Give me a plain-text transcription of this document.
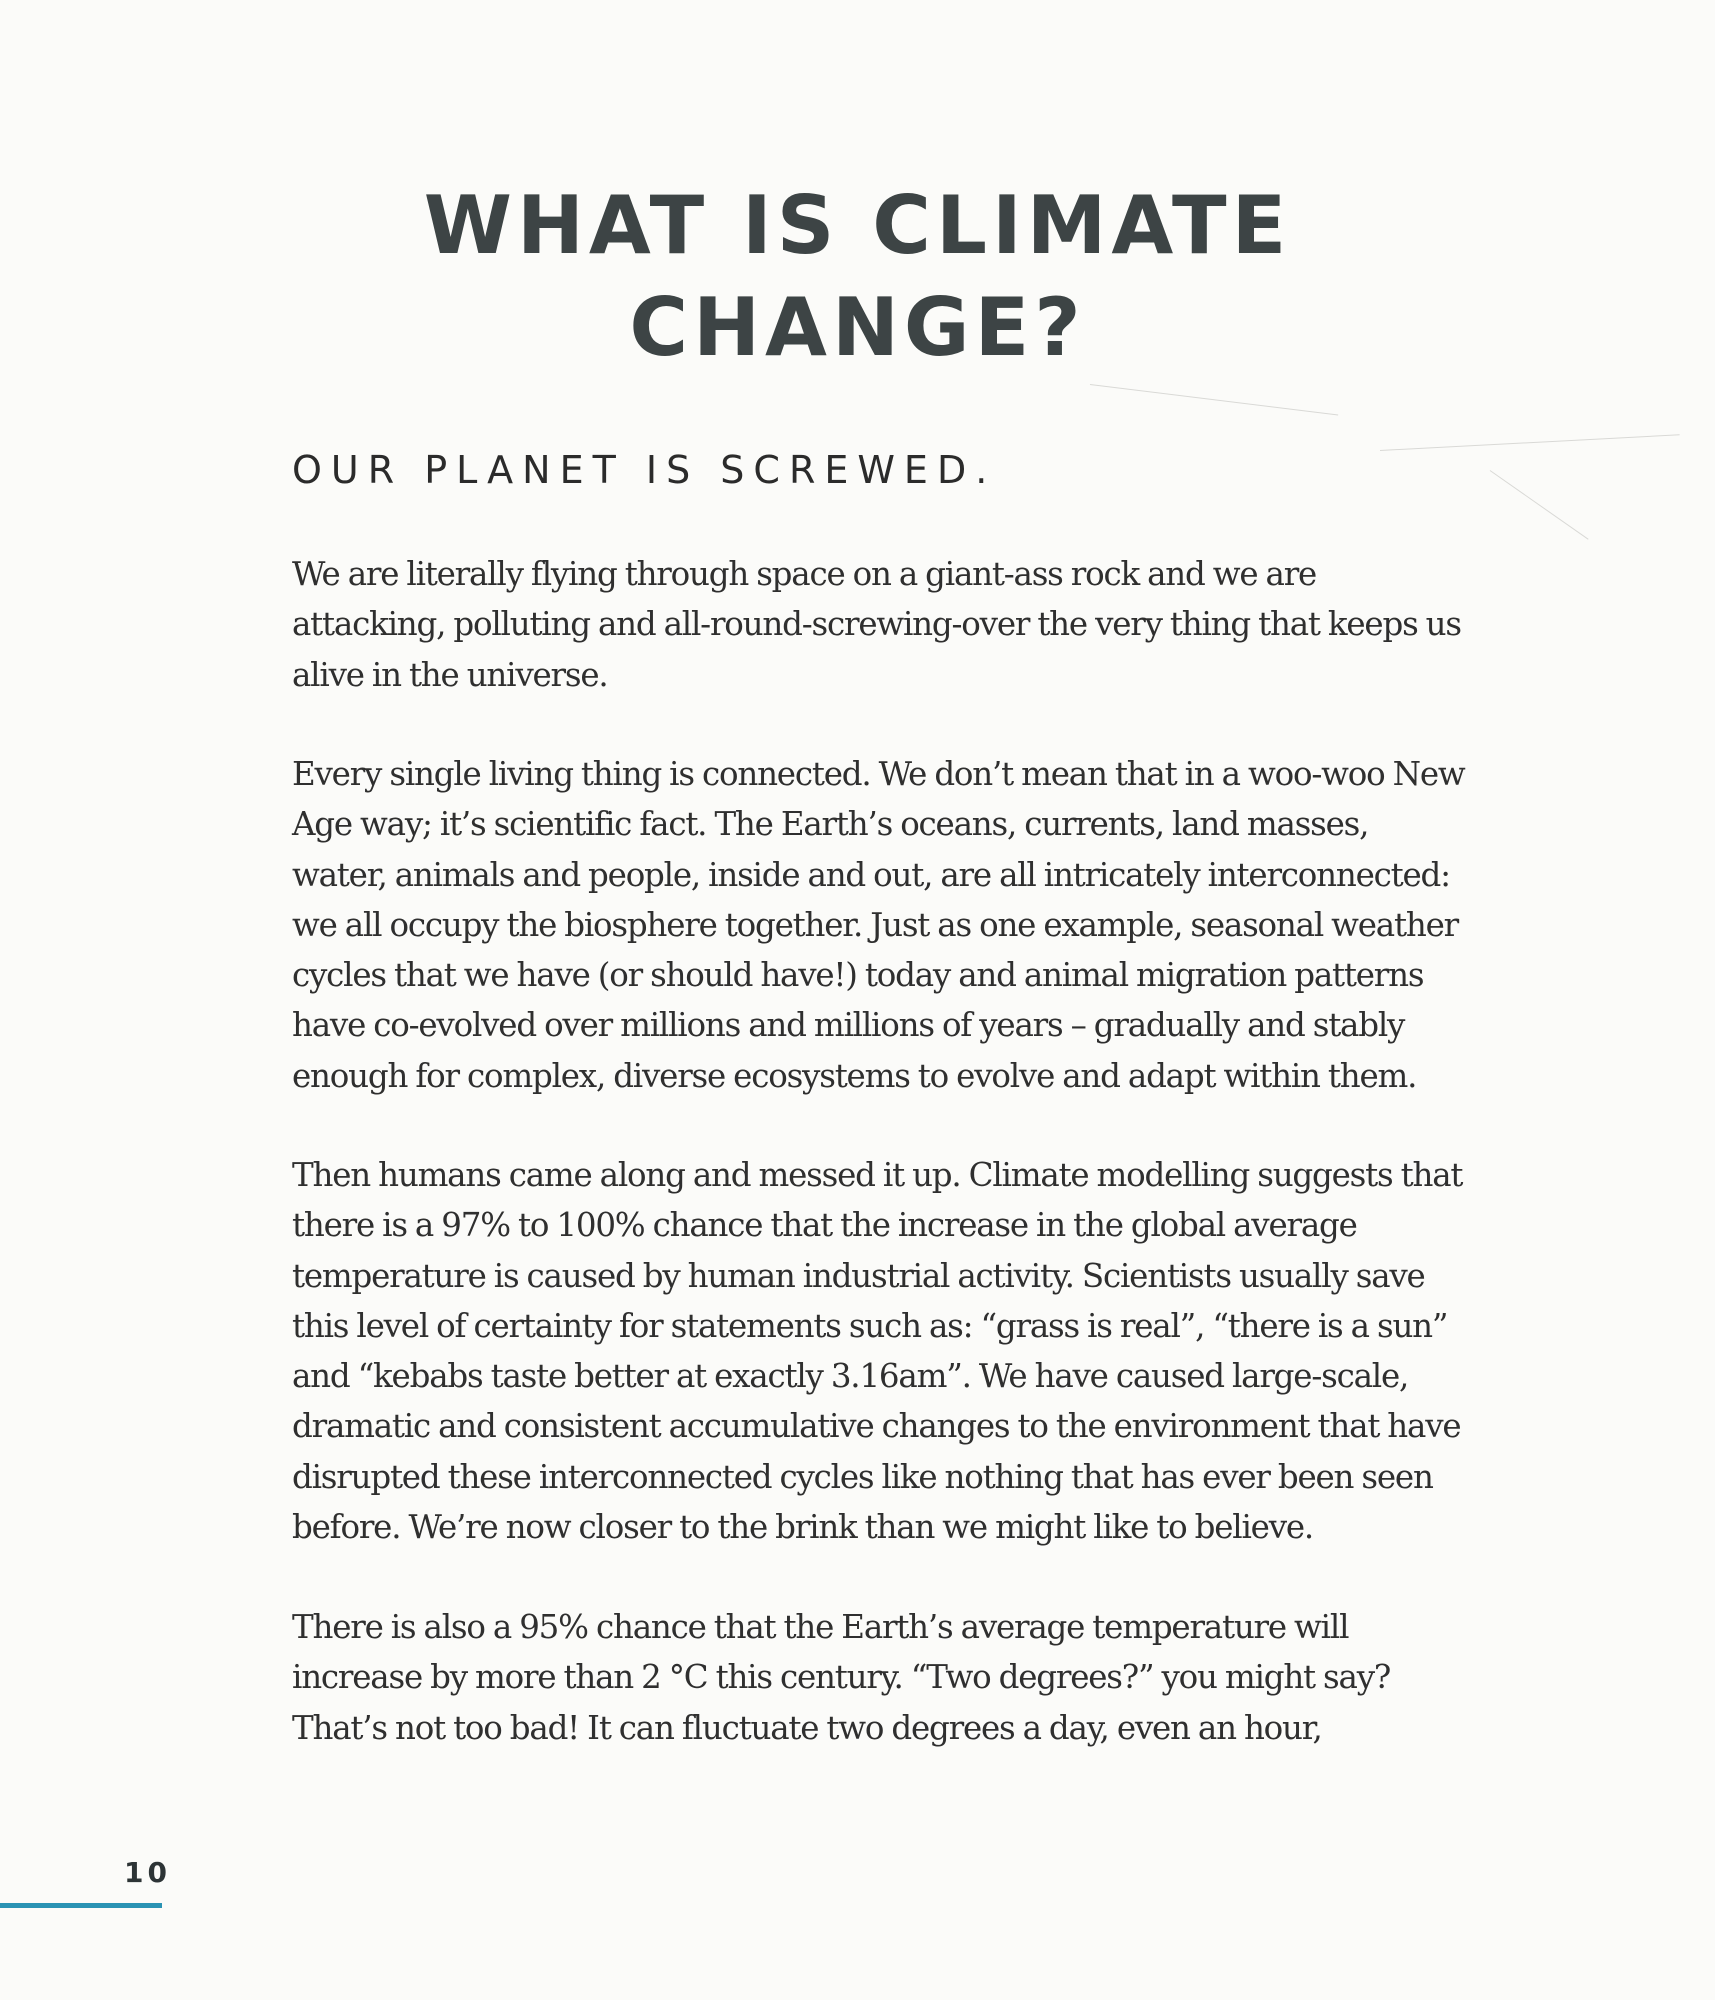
WHAT IS CLIMATE
CHANGE?
OUR PLANET IS SCREWED.

We are literally flying through space on a giant-ass rock and we are attacking, polluting and all-round-screwing-over the very thing that keeps us alive in the universe.

Every single living thing is connected. We don’t mean that in a woo-woo New Age way; it’s scientific fact. The Earth’s oceans, currents, land masses, water, animals and people, inside and out, are all intricately interconnected: we all occupy the biosphere together. Just as one example, seasonal weather cycles that we have (or should have!) today and animal migration patterns have co-evolved over millions and millions of years – gradually and stably enough for complex, diverse ecosystems to evolve and adapt within them.

Then humans came along and messed it up. Climate modelling suggests that there is a 97% to 100% chance that the increase in the global average temperature is caused by human industrial activity. Scientists usually save this level of certainty for statements such as: “grass is real”, “there is a sun” and “kebabs taste better at exactly 3.16am”. We have caused large-scale, dramatic and consistent accumulative changes to the environment that have disrupted these interconnected cycles like nothing that has ever been seen before. We’re now closer to the brink than we might like to believe.

There is also a 95% chance that the Earth’s average temperature will increase by more than 2 °C this century. “Two degrees?” you might say? That’s not too bad! It can fluctuate two degrees a day, even an hour,

10
